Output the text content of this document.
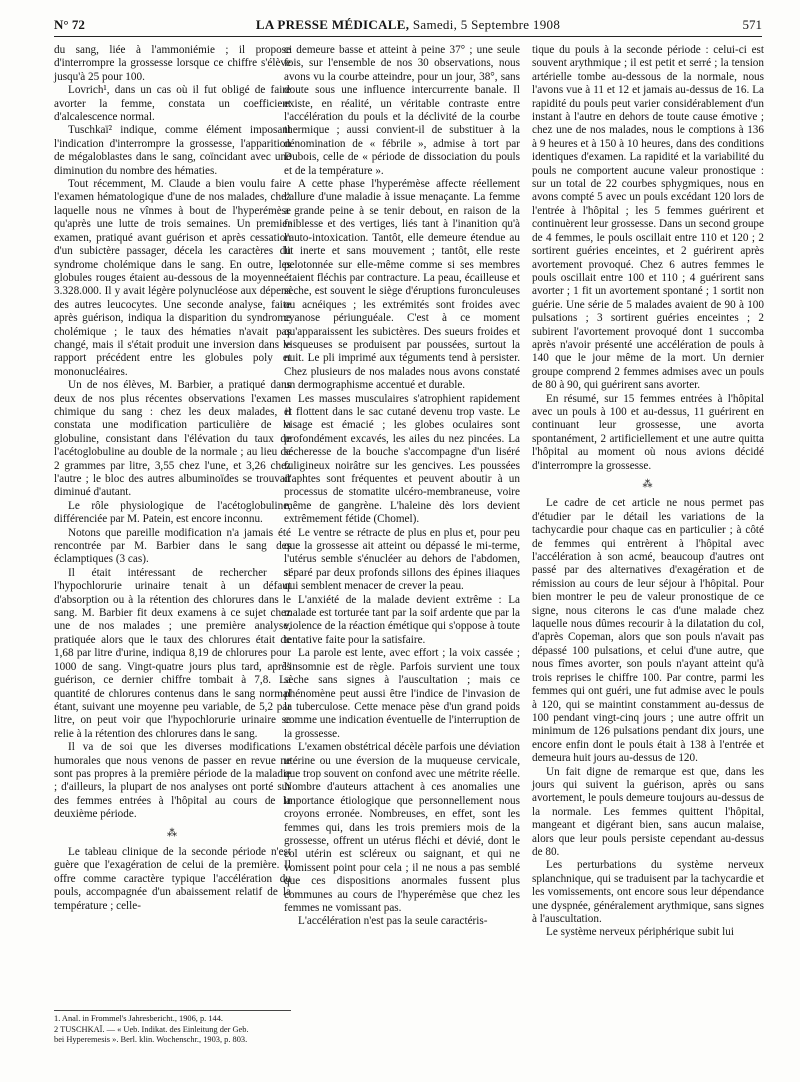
N° 72	LA PRESSE MÉDICALE, Samedi, 5 Septembre 1908	571

du sang, liée à l'ammoniémie ; il propose d'interrompre la grossesse lorsque ce chiffre s'élève jusqu'à 25 pour 100.

Lovrich¹, dans un cas où il fut obligé de faire avorter la femme, constata un coefficient d'alcalescence normal.

Tuschkaï² indique, comme élément imposant l'indication d'interrompre la grossesse, l'apparition de mégaloblastes dans le sang, coïncidant avec une diminution du nombre des hématies.

Tout récemment, M. Claude a bien voulu faire l'examen hématologique d'une de nos malades, chez laquelle nous ne vînmes à bout de l'hyperémèse qu'après une lutte de trois semaines. Un premier examen, pratiqué avant guérison et après cessation d'un subictère passager, décela les caractères du syndrome cholémique dans le sang. En outre, les globules rouges étaient au-dessous de la moyenne : 3.328.000. Il y avait légère polynucléose aux dépens des autres leucocytes. Une seconde analyse, faite après guérison, indiqua la disparition du syndrome cholémique ; le taux des hématies n'avait pas changé, mais il s'était produit une inversion dans le rapport précédent entre les globules poly et mononucléaires.

Un de nos élèves, M. Barbier, a pratiqué dans deux de nos plus récentes observations l'examen chimique du sang : chez les deux malades, il constata une modification particulière de la globuline, consistant dans l'élévation du taux de l'acétoglobuline au double de la normale ; au lieu de 2 grammes par litre, 3,55 chez l'une, et 3,26 chez l'autre ; le bloc des autres albuminoïdes se trouvait diminué d'autant.

Le rôle physiologique de l'acétoglobuline, différenciée par M. Patein, est encore inconnu.

Notons que pareille modification n'a jamais été rencontrée par M. Barbier dans le sang des éclamptiques (3 cas).

Il était intéressant de rechercher si l'hypochlorurie urinaire tenait à un défaut d'absorption ou à la rétention des chlorures dans le sang. M. Barbier fit deux examens à ce sujet chez une de nos malades ; une première analyse, pratiquée alors que le taux des chlorures était de 1,68 par litre d'urine, indiqua 8,19 de chlorures pour 1000 de sang. Vingt-quatre jours plus tard, après guérison, ce dernier chiffre tombait à 7,8. La quantité de chlorures contenus dans le sang normal étant, suivant une moyenne peu variable, de 5,2 par litre, on peut voir que l'hypochlorurie urinaire se relie à la rétention des chlorures dans le sang.

Il va de soi que les diverses modifications humorales que nous venons de passer en revue ne sont pas propres à la première période de la maladie ; d'ailleurs, la plupart de nos analyses ont porté sur des femmes entrées à l'hôpital au cours de la deuxième période.

⁂

Le tableau clinique de la seconde période n'est guère que l'exagération de celui de la première. Il offre comme caractère typique l'accélération du pouls, accompagnée d'un abaissement relatif de la température ; celle-

1. Anal. in Frommel's Jahresbericht., 1906, p. 144.
2 TUSCHKAÏ. — « Ueb. Indikat. des Einleitung der Geb.
bei Hyperemesis ». Berl. klin. Wochenschr., 1903, p. 803.

ci demeure basse et atteint à peine 37° ; une seule fois, sur l'ensemble de nos 30 observations, nous avons vu la courbe atteindre, pour un jour, 38°, sans doute sous une influence intercurrente banale. Il existe, en réalité, un véritable contraste entre l'accélération du pouls et la déclivité de la courbe thermique ; aussi convient-il de substituer à la dénomination de « fébrile », admise à tort par Dubois, celle de « période de dissociation du pouls et de la température ».

A cette phase l'hyperémèse affecte réellement l'allure d'une maladie à issue menaçante. La femme a grande peine à se tenir debout, en raison de la faiblesse et des vertiges, liés tant à l'inanition qu'à l'auto-intoxication. Tantôt, elle demeure étendue au lit inerte et sans mouvement ; tantôt, elle reste pelotonnée sur elle-même comme si ses membres étaient fléchis par contracture. La peau, écailleuse et sèche, est souvent le siège d'éruptions furonculeuses ou acnéiques ; les extrémités sont froides avec cyanose périunguéale. C'est à ce moment qu'apparaissent les subictères. Des sueurs froides et visqueuses se produisent par poussées, surtout la nuit. Le pli imprimé aux téguments tend à persister. Chez plusieurs de nos malades nous avons constaté un dermographisme accentué et durable.

Les masses musculaires s'atrophient rapidement et flottent dans le sac cutané devenu trop vaste. Le visage est émacié ; les globes oculaires sont profondément excavés, les ailes du nez pincées. La sécheresse de la bouche s'accompagne d'un liséré fuligineux noirâtre sur les gencives. Les poussées d'aphtes sont fréquentes et peuvent aboutir à un processus de stomatite ulcéro-membraneuse, voire même de gangrène. L'haleine dès lors devient extrêmement fétide (Chomel).

Le ventre se rétracte de plus en plus et, pour peu que la grossesse ait atteint ou dépassé le mi-terme, l'utérus semble s'énucléer au dehors de l'abdomen, séparé par deux profonds sillons des épines iliaques qui semblent menacer de crever la peau.

L'anxiété de la malade devient extrême : La malade est torturée tant par la soif ardente que par la violence de la réaction émétique qui s'oppose à toute tentative faite pour la satisfaire.

La parole est lente, avec effort ; la voix cassée ; l'insomnie est de règle. Parfois survient une toux sèche sans signes à l'auscultation ; mais ce phénomène peut aussi être l'indice de l'invasion de la tuberculose. Cette menace pèse d'un grand poids comme une indication éventuelle de l'interruption de la grossesse.

L'examen obstétrical décèle parfois une déviation utérine ou une éversion de la muqueuse cervicale, que trop souvent on confond avec une métrite réelle. Nombre d'auteurs attachent à ces anomalies une importance étiologique que personnellement nous croyons erronée. Nombreuses, en effet, sont les femmes qui, dans les trois premiers mois de la grossesse, offrent un utérus fléchi et dévié, dont le col utérin est scléreux ou saignant, et qui ne vomissent point pour cela ; il ne nous a pas semblé que ces dispositions anormales fussent plus communes au cours de l'hyperémèse que chez les femmes ne vomissant pas.

L'accélération n'est pas la seule caractéris-

tique du pouls à la seconde période : celui-ci est souvent arythmique ; il est petit et serré ; la tension artérielle tombe au-dessous de la normale, nous l'avons vue à 11 et 12 et jamais au-dessus de 16. La rapidité du pouls peut varier considérablement d'un instant à l'autre en dehors de toute cause émotive ; chez une de nos malades, nous le comptions à 136 à 9 heures et à 150 à 10 heures, dans des conditions identiques d'examen. La rapidité et la variabilité du pouls ne comportent aucune valeur pronostique : sur un total de 22 courbes sphygmiques, nous en avons compté 5 avec un pouls excédant 120 lors de l'entrée à l'hôpital ; les 5 femmes guérirent et continuèrent leur grossesse. Dans un second groupe de 4 femmes, le pouls oscillait entre 110 et 120 ; 2 sortirent guéries enceintes, et 2 guérirent après avortement provoqué. Chez 6 autres femmes le pouls oscillait entre 100 et 110 ; 4 guérirent sans avorter ; 1 fit un avortement spontané ; 1 sortit non guérie. Une série de 5 malades avaient de 90 à 100 pulsations ; 3 sortirent guéries enceintes ; 2 subirent l'avortement provoqué dont 1 succomba après n'avoir présenté une accélération de pouls à 140 que le jour même de la mort. Un dernier groupe comprend 2 femmes admises avec un pouls de 80 à 90, qui guérirent sans avorter.

En résumé, sur 15 femmes entrées à l'hôpital avec un pouls à 100 et au-dessus, 11 guérirent en continuant leur grossesse, une avorta spontanément, 2 artificiellement et une autre quitta l'hôpital au moment où nous avions décidé d'interrompre la grossesse.

⁂

Le cadre de cet article ne nous permet pas d'étudier par le détail les variations de la tachycardie pour chaque cas en particulier ; à côté de femmes qui entrèrent à l'hôpital avec l'accélération à son acmé, beaucoup d'autres ont passé par des alternatives d'exagération et de rémission au cours de leur séjour à l'hôpital. Pour bien montrer le peu de valeur pronostique de ce signe, nous citerons le cas d'une malade chez laquelle nous dûmes recourir à la dilatation du col, d'après Copeman, alors que son pouls n'avait pas dépassé 100 pulsations, et celui d'une autre, que nous fîmes avorter, son pouls n'ayant atteint qu'à trois reprises le chiffre 100. Par contre, parmi les femmes qui ont guéri, une fut admise avec le pouls à 120, qui se maintint constamment au-dessus de 100 pendant vingt-cinq jours ; une autre offrit un minimum de 126 pulsations pendant dix jours, une encore enfin dont le pouls était à 138 à l'entrée et demeura huit jours au-dessus de 120.

Un fait digne de remarque est que, dans les jours qui suivent la guérison, après ou sans avortement, le pouls demeure toujours au-dessus de la normale. Les femmes quittent l'hôpital, mangeant et digérant bien, sans aucun malaise, alors que leur pouls persiste cependant au-dessus de 80.

Les perturbations du système nerveux splanchnique, qui se traduisent par la tachycardie et les vomissements, ont encore sous leur dépendance une dyspnée, généralement arythmique, sans signes à l'auscultation.

Le système nerveux périphérique subit lui
